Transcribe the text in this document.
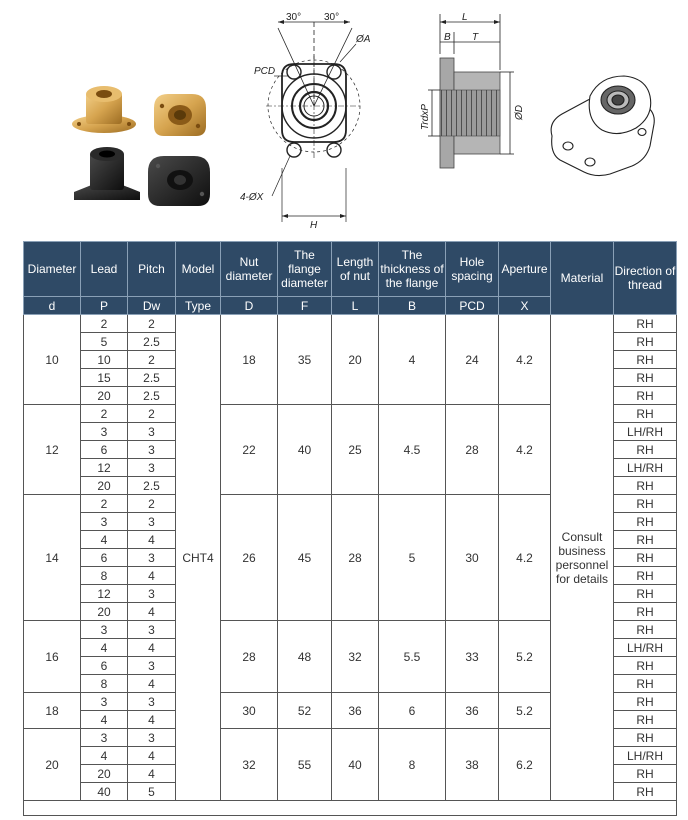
30° 30°
ØA
PCD
4-ØX
H
L
B T
TrdxP	ØD
Diameter	Lead	Pitch	Model	Nut diameter	The flange diameter	Length of nut	The thickness of the flange	Hole spacing	Aperture	Material	Direction of thread
d	P	Dw	Type	D	F	L	B	PCD	X		
10	2	2	CHT4	18	35	20	4	24	4.2	Consult business personnel for details	RH
	5	2.5									RH
	10	2									RH
	15	2.5									RH
	20	2.5									RH
12	2	2		22	40	25	4.5	28	4.2		RH
	3	3									LH/RH
	6	3									RH
	12	3									LH/RH
	20	2.5									RH
14	2	2		26	45	28	5	30	4.2		RH
	3	3									RH
	4	4									RH
	6	3									RH
	8	4									RH
	12	3									RH
	20	4									RH
16	3	3		28	48	32	5.5	33	5.2		RH
	4	4									LH/RH
	6	3									RH
	8	4									RH
18	3	3		30	52	36	6	36	5.2		RH
	4	4									RH
20	3	3		32	55	40	8	38	6.2		RH
	4	4									LH/RH
	20	4									RH
	40	5									RH
